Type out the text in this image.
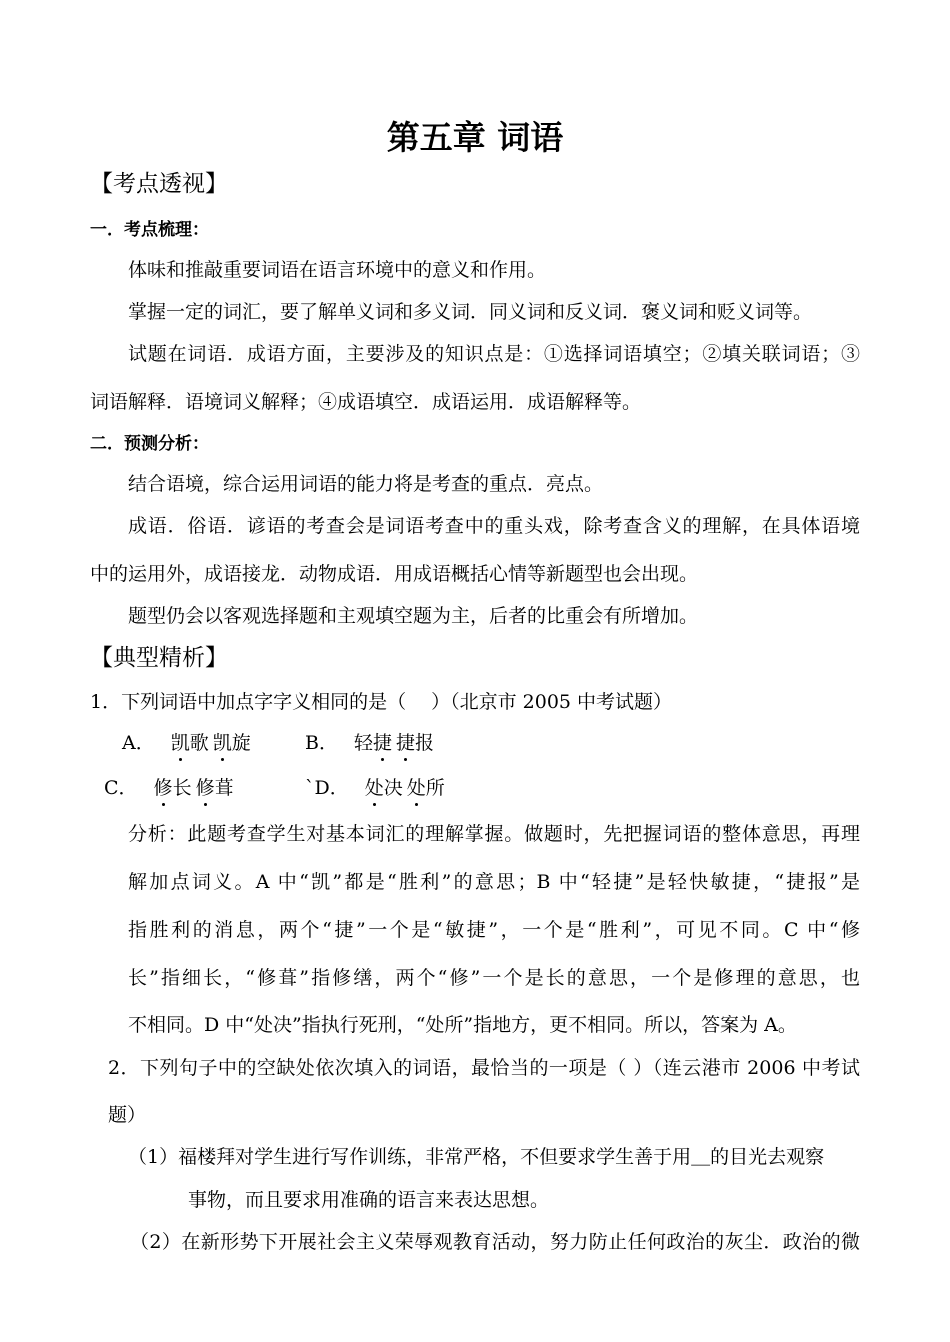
第五章 词语
【考点透视】
一．考点梳理：
体味和推敲重要词语在语言环境中的意义和作用。
掌握一定的词汇，要了解单义词和多义词．同义词和反义词．褒义词和贬义词等。
试题在词语．成语方面，主要涉及的知识点是：①选择词语填空；②填关联词语；③
词语解释．语境词义解释；④成语填空．成语运用．成语解释等。
二．预测分析：
结合语境，综合运用词语的能力将是考查的重点．亮点。
成语．俗语．谚语的考查会是词语考查中的重头戏，除考查含义的理解，在具体语境
中的运用外，成语接龙．动物成语．用成语概括心情等新题型也会出现。
题型仍会以客观选择题和主观填空题为主，后者的比重会有所增加。
【典型精析】
1．下列词语中加点字字义相同的是（　 ）（北京市 2005 中考试题）
A． 凯歌 凯旋	B． 轻捷 捷报
C． 修长 修葺	`D． 处决 处所
分析：此题考查学生对基本词汇的理解掌握。做题时，先把握词语的整体意思，再理
解加点词义。A 中“凯”都是“胜利”的意思；B 中“轻捷”是轻快敏捷，“捷报”是
指胜利的消息，两个“捷”一个是“敏捷”，一个是“胜利”，可见不同。C 中“修
长”指细长，“修葺”指修缮，两个“修”一个是长的意思，一个是修理的意思，也
不相同。D 中“处决”指执行死刑，“处所”指地方，更不相同。所以，答案为 A。
2．下列句子中的空缺处依次填入的词语，最恰当的一项是（ ）（连云港市 2006 中考试
题）
（1）福楼拜对学生进行写作训练，非常严格，不但要求学生善于用＿的目光去观察
事物，而且要求用准确的语言来表达思想。
（2）在新形势下开展社会主义荣辱观教育活动，努力防止任何政治的灰尘．政治的微
